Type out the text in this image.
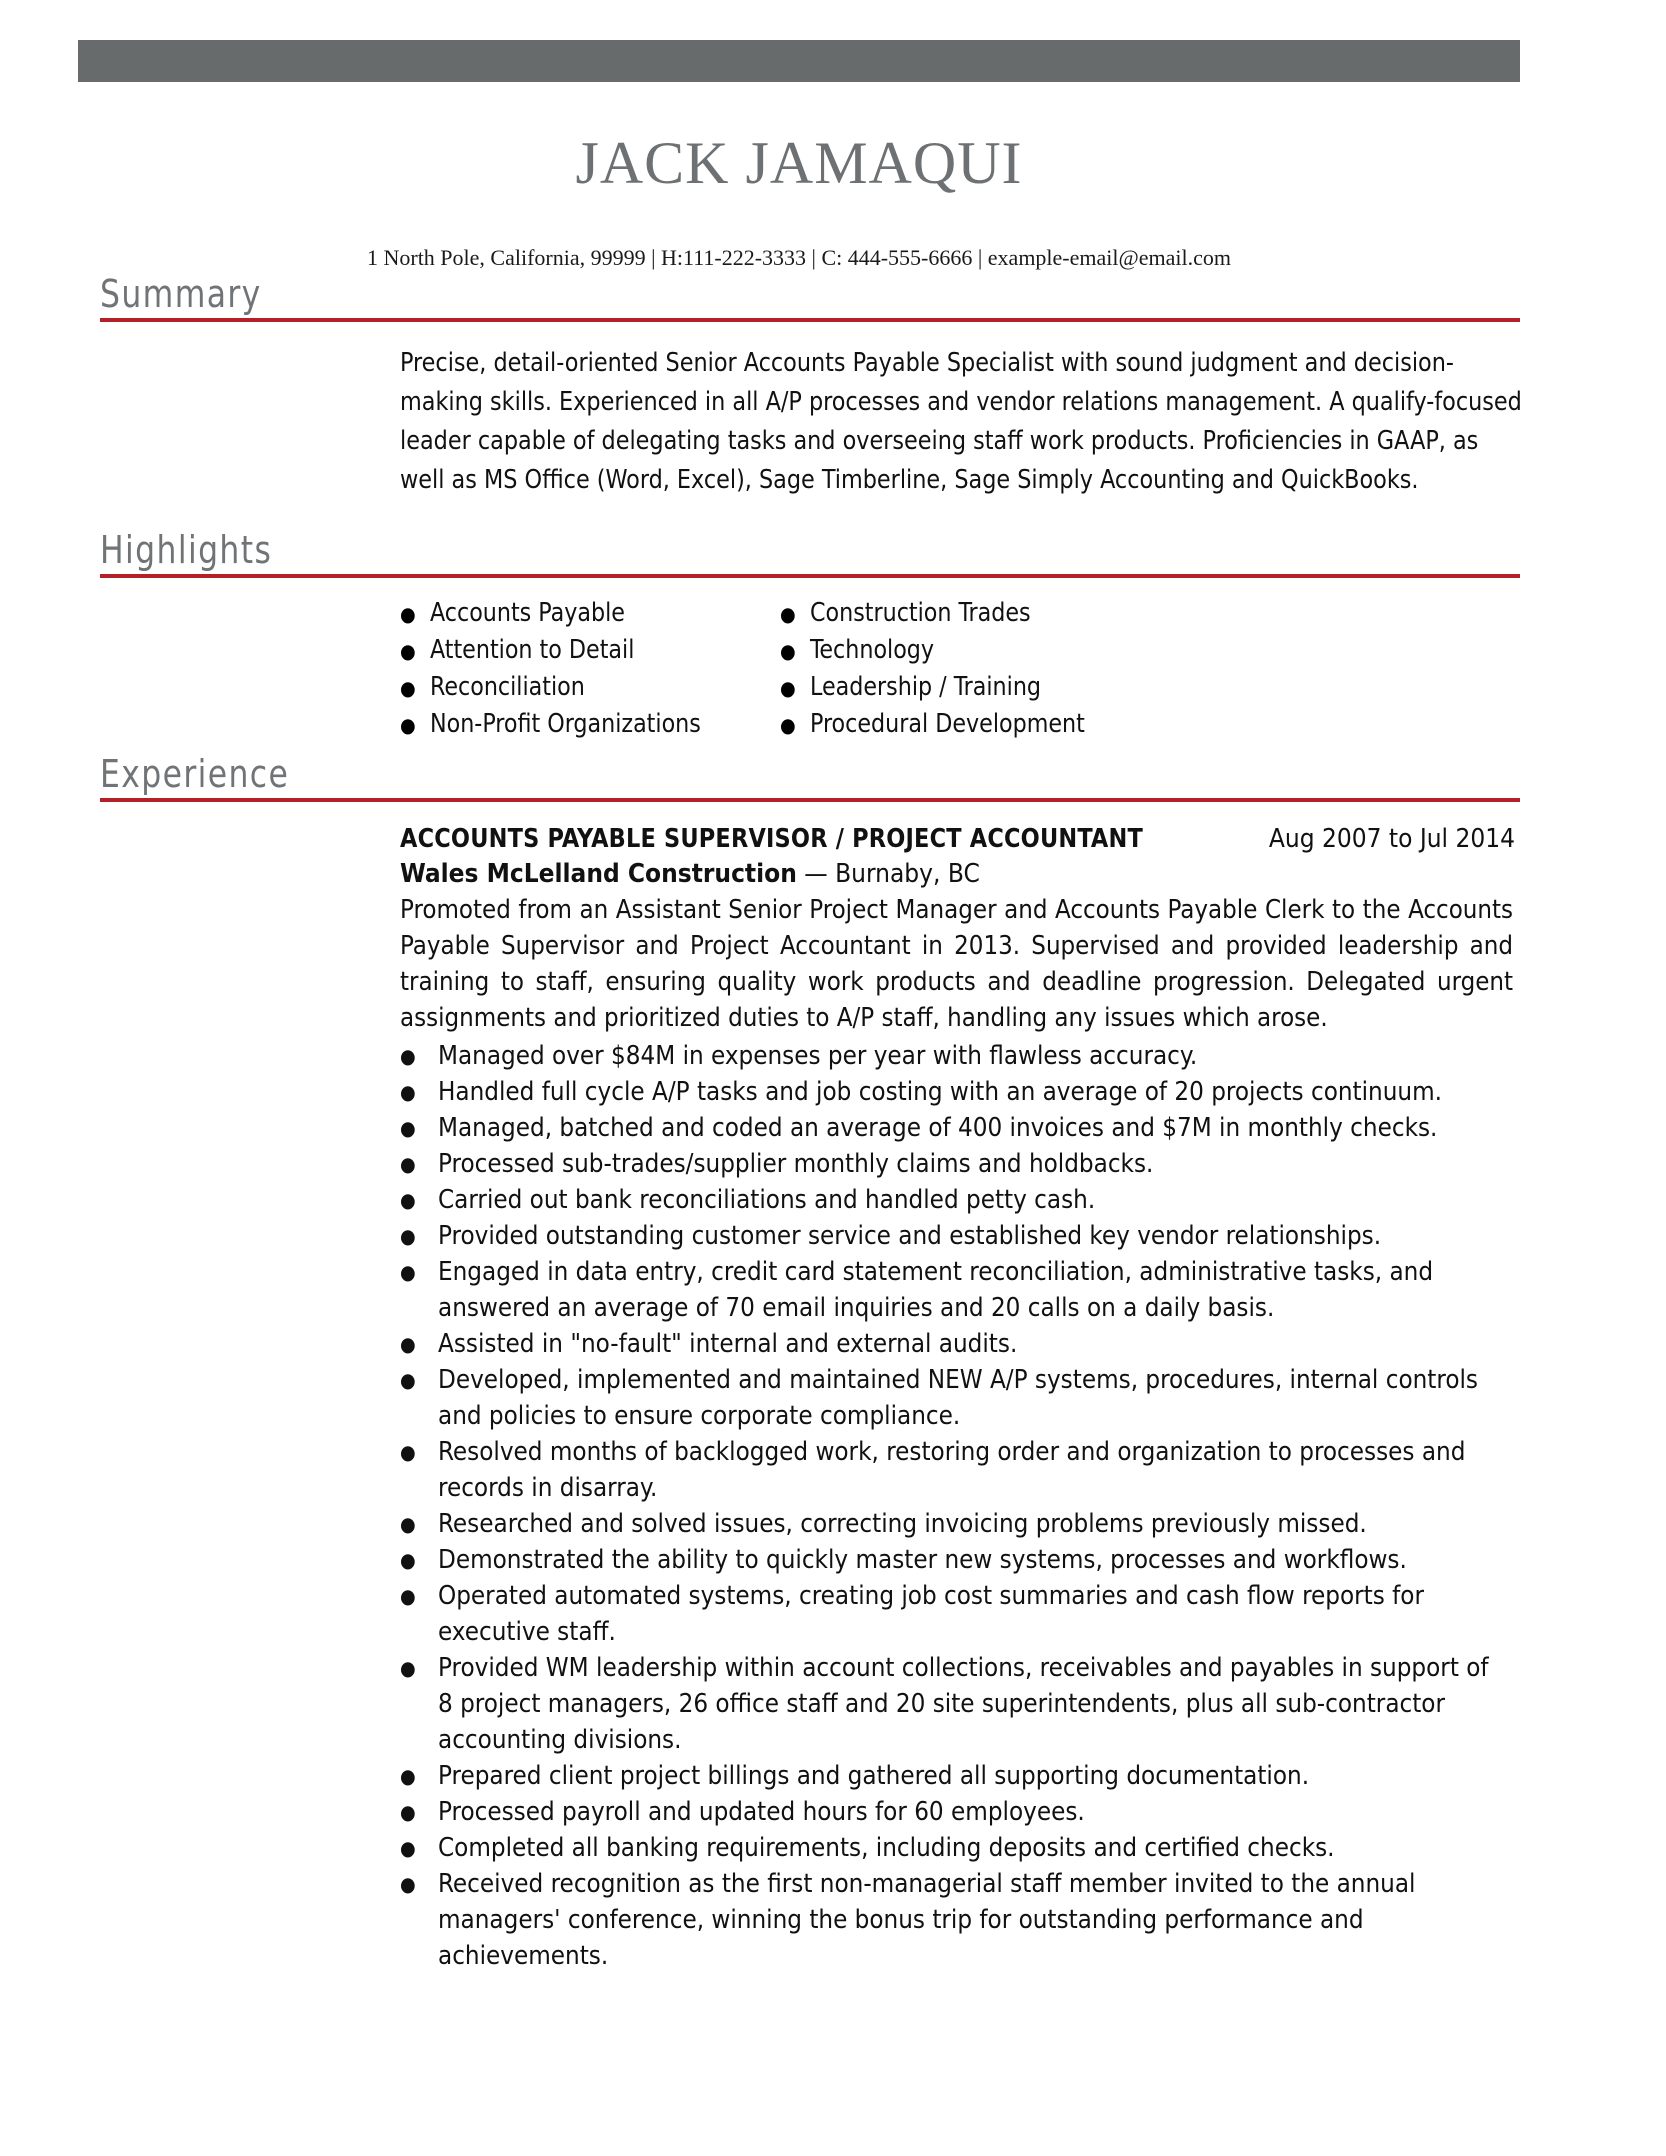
JACK JAMAQUI
1 North Pole, California, 99999 | H:111-222-3333 | C: 444-555-6666 | example-email@email.com
Summary
Precise, detail-oriented Senior Accounts Payable Specialist with sound judgment and decision-making skills. Experienced in all A/P processes and vendor relations management. A qualify-focused leader capable of delegating tasks and overseeing staff work products. Proficiencies in GAAP, as well as MS Office (Word, Excel), Sage Timberline, Sage Simply Accounting and QuickBooks.
Highlights
● Accounts Payable	● Construction Trades
● Attention to Detail	● Technology
● Reconciliation	● Leadership / Training
● Non-Profit Organizations	● Procedural Development
Experience
ACCOUNTS PAYABLE SUPERVISOR / PROJECT ACCOUNTANT	Aug 2007 to Jul 2014
Wales McLelland Construction — Burnaby, BC
Promoted from an Assistant Senior Project Manager and Accounts Payable Clerk to the Accounts Payable Supervisor and Project Accountant in 2013. Supervised and provided leadership and training to staff, ensuring quality work products and deadline progression. Delegated urgent assignments and prioritized duties to A/P staff, handling any issues which arose.
● Managed over $84M in expenses per year with flawless accuracy.
● Handled full cycle A/P tasks and job costing with an average of 20 projects continuum.
● Managed, batched and coded an average of 400 invoices and $7M in monthly checks.
● Processed sub-trades/supplier monthly claims and holdbacks.
● Carried out bank reconciliations and handled petty cash.
● Provided outstanding customer service and established key vendor relationships.
● Engaged in data entry, credit card statement reconciliation, administrative tasks, and answered an average of 70 email inquiries and 20 calls on a daily basis.
● Assisted in "no-fault" internal and external audits.
● Developed, implemented and maintained NEW A/P systems, procedures, internal controls and policies to ensure corporate compliance.
● Resolved months of backlogged work, restoring order and organization to processes and records in disarray.
● Researched and solved issues, correcting invoicing problems previously missed.
● Demonstrated the ability to quickly master new systems, processes and workflows.
● Operated automated systems, creating job cost summaries and cash flow reports for executive staff.
● Provided WM leadership within account collections, receivables and payables in support of 8 project managers, 26 office staff and 20 site superintendents, plus all sub-contractor accounting divisions.
● Prepared client project billings and gathered all supporting documentation.
● Processed payroll and updated hours for 60 employees.
● Completed all banking requirements, including deposits and certified checks.
● Received recognition as the first non-managerial staff member invited to the annual managers' conference, winning the bonus trip for outstanding performance and achievements.
